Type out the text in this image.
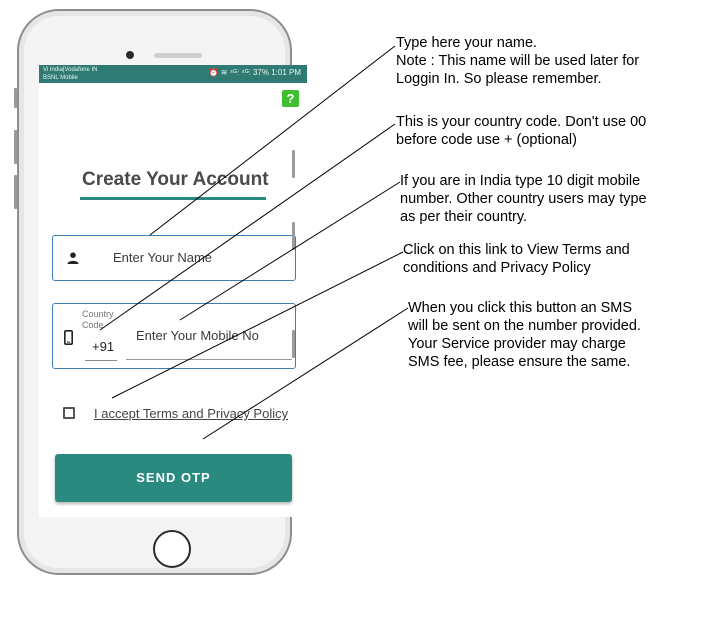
Vi India|Vodafone IN
BSNL Mobile
⏰ ≋ ⁴ᴳ⫶ ⁴ᴳ⫶ 37% 1:01 PM
?
Create Your Account
Enter Your Name
Country Code
+91
Enter Your Mobile No
I accept Terms and Privacy Policy
SEND OTP
Type here your name.
Note : This name will be used later for
Loggin In. So please remember.
This is your country code. Don't use 00
before code use + (optional)
If you are in India type 10 digit mobile
number. Other country users may type
as per their country.
Click on this link to View Terms and
conditions and Privacy Policy
When you click this button an SMS
will be sent on the number provided.
Your Service provider may charge
SMS fee, please ensure the same.
